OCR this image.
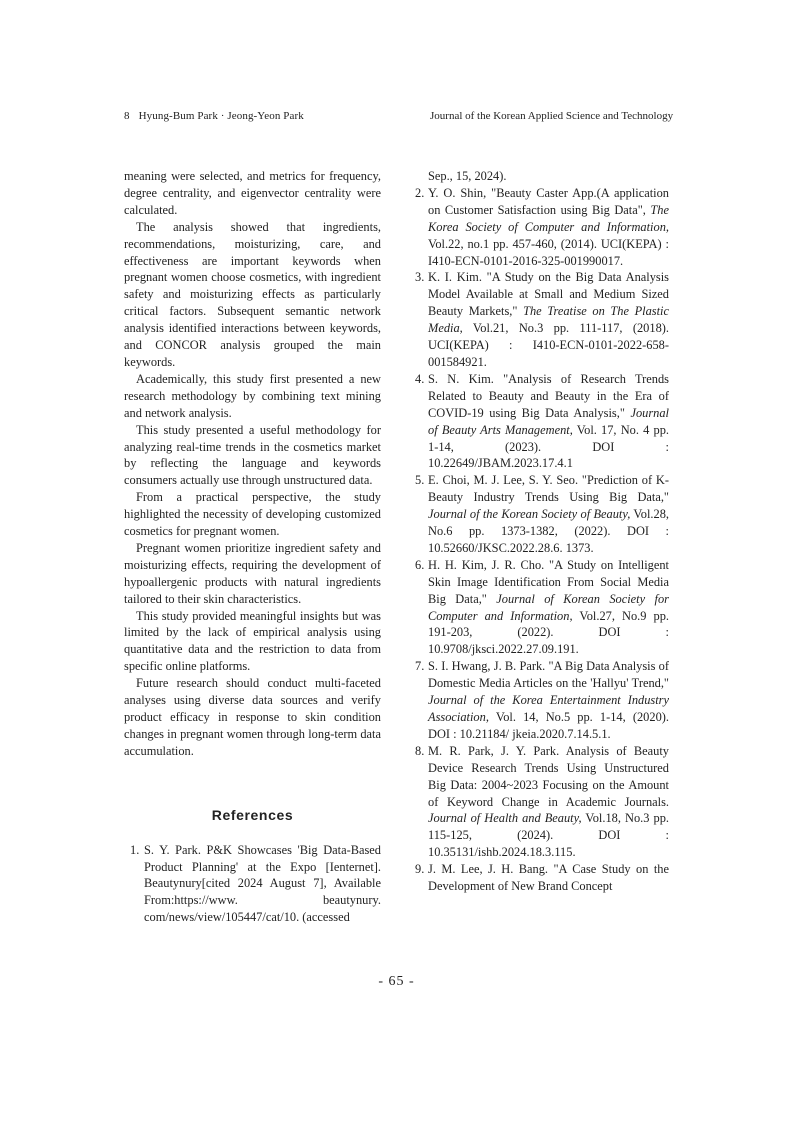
8 Hyung-Bum Park · Jeong-Yeon Park	Journal of the Korean Applied Science and Technology

meaning were selected, and metrics for frequency, degree centrality, and eigenvector centrality were calculated.

The analysis showed that ingredients, recommendations, moisturizing, care, and effectiveness are important keywords when pregnant women choose cosmetics, with ingredient safety and moisturizing effects as particularly critical factors. Subsequent semantic network analysis identified interactions between keywords, and CONCOR analysis grouped the main keywords.

Academically, this study first presented a new research methodology by combining text mining and network analysis.

This study presented a useful methodology for analyzing real-time trends in the cosmetics market by reflecting the language and keywords consumers actually use through unstructured data.

From a practical perspective, the study highlighted the necessity of developing customized cosmetics for pregnant women.

Pregnant women prioritize ingredient safety and moisturizing effects, requiring the development of hypoallergenic products with natural ingredients tailored to their skin characteristics.

This study provided meaningful insights but was limited by the lack of empirical analysis using quantitative data and the restriction to data from specific online platforms.

Future research should conduct multi-faceted analyses using diverse data sources and verify product efficacy in response to skin condition changes in pregnant women through long-term data accumulation.

References

1. S. Y. Park. P&K Showcases 'Big Data-Based Product Planning' at the Expo [Ienternet]. Beautynury[cited 2024 August 7], Available From:https://www. beautynury. com/news/view/105447/cat/10. (accessed

Sep., 15, 2024).

2. Y. O. Shin, "Beauty Caster App.(A application on Customer Satisfaction using Big Data", The Korea Society of Computer and Information, Vol.22, no.1 pp. 457-460, (2014). UCI(KEPA) : I410-ECN-0101-2016-325-001990017.

3. K. I. Kim. "A Study on the Big Data Analysis Model Available at Small and Medium Sized Beauty Markets," The Treatise on The Plastic Media, Vol.21, No.3 pp. 111-117, (2018). UCI(KEPA) : I410-ECN-0101-2022-658-001584921.

4. S. N. Kim. "Analysis of Research Trends Related to Beauty and Beauty in the Era of COVID-19 using Big Data Analysis," Journal of Beauty Arts Management, Vol. 17, No. 4 pp. 1-14, (2023). DOI : 10.22649/JBAM.2023.17.4.1

5. E. Choi, M. J. Lee, S. Y. Seo. "Prediction of K-Beauty Industry Trends Using Big Data," Journal of the Korean Society of Beauty, Vol.28, No.6 pp. 1373-1382, (2022). DOI : 10.52660/JKSC.2022.28.6. 1373.

6. H. H. Kim, J. R. Cho. "A Study on Intelligent Skin Image Identification From Social Media Big Data," Journal of Korean Society for Computer and Information, Vol.27, No.9 pp. 191-203, (2022). DOI : 10.9708/jksci.2022.27.09.191.

7. S. I. Hwang, J. B. Park. "A Big Data Analysis of Domestic Media Articles on the 'Hallyu' Trend," Journal of the Korea Entertainment Industry Association, Vol. 14, No.5 pp. 1-14, (2020). DOI : 10.21184/ jkeia.2020.7.14.5.1.

8. M. R. Park, J. Y. Park. Analysis of Beauty Device Research Trends Using Unstructured Big Data: 2004~2023 Focusing on the Amount of Keyword Change in Academic Journals. Journal of Health and Beauty, Vol.18, No.3 pp. 115-125, (2024). DOI : 10.35131/ishb.2024.18.3.115.

9. J. M. Lee, J. H. Bang. "A Case Study on the Development of New Brand Concept

- 65 -
